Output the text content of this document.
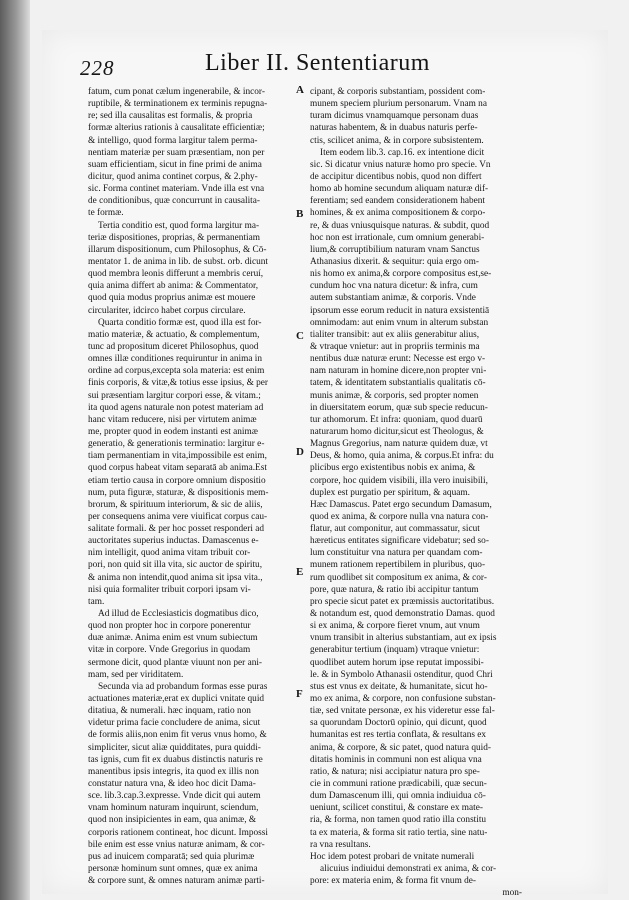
228	Liber II. Sententiarum
fatum, cum ponat cælum ingenerabile, & incor-
ruptibile, & terminationem ex terminis repugna-
re; sed illa causalitas est formalis, & propria
formæ alterius rationis à causalitate efficientiæ;
& intelligo, quod forma largitur talem perma-
nentiam materiæ per suam præsentiam, non per
suam efficientiam, sicut in fine primi de anima
dicitur, quod anima continet corpus, & 2.phy-
sic. Forma continet materiam. Vnde illa est vna
de conditionibus, quæ concurrunt in causalita-
te formæ.
Tertia conditio est, quod forma largitur ma-
teriæ dispositiones, proprias, & permanentiam
illarum dispositionum, cum Philosophus, & Cō-
mentator 1. de anima in lib. de subst. orb. dicunt
quod membra leonis differunt a membris ceruí,
quia anima differt ab anima: & Commentator,
quod quia modus proprius animæ est mouere
circulariter, idcirco habet corpus circulare.
Quarta conditio formæ est, quod illa est for-
matio materiæ, & actuatio, & complementum,
tunc ad propositum diceret Philosophus, quod
omnes illæ conditiones requiruntur in anima in
ordine ad corpus,excepta sola materia: est enim
finis corporis, & vitæ,& totius esse ipsius, & per
sui præsentiam largitur corpori esse, & vitam.;
ita quod agens naturale non potest materiam ad
hanc vitam reducere, nisi per virtutem animæ
me, propter quod in eodem instanti est animæ
generatio, & generationis terminatio: largitur e-
tiam permanentiam in vita,impossibile est enim,
quod corpus habeat vitam separatā ab anima.Est
etiam tertio causa in corpore omnium dispositio
num, puta figuræ, staturæ, & dispositionis mem-
brorum, & spirituum interiorum, & sic de aliis,
per consequens anima vere viuificat corpus cau-
salitate formali. & per hoc posset responderi ad
auctoritates superius inductas. Damascenus e-
nim intelligit, quod anima vitam tribuit cor-
pori, non quid sit illa vita, sic auctor de spiritu,
& anima non intendit,quod anima sit ipsa vita.,
nisi quia formaliter tribuit corpori ipsam vi-
tam.
Ad illud de Ecclesiasticis dogmatibus dico,
quod non propter hoc in corpore ponerentur
duæ animæ. Anima enim est vnum subiectum
vitæ in corpore. Vnde Gregorius in quodam
sermone dicit, quod plantæ viuunt non per ani-
mam, sed per viriditatem.
Secunda via ad probandum formas esse puras
actuationes materiæ,erat ex duplici vnitate quid
ditatiua, & numerali. hæc inquam, ratio non
videtur prima facie concludere de anima, sicut
de formis aliis,non enim fit verus vnus homo, &
simpliciter, sicut aliæ quidditates, pura quiddi-
tas ignis, cum fit ex duabus distinctis naturis re
manentibus ipsis integris, ita quod ex illis non
constatur natura vna, & ideo hoc dicit Dama-
sce. lib.3.cap.3.expresse. Vnde dicit qui autem
vnam hominum naturam inquirunt, sciendum,
quod non insipicientes in eam, qua animæ, &
corporis rationem contineat, hoc dicunt. Impossi
bile enim est esse vnius naturæ animam, & cor-
pus ad inuicem comparatā; sed quia plurimæ
personæ hominum sunt omnes, quæ ex anima
& corpore sunt, & omnes naturam animæ parti-
cipant, & corporis substantiam, possident com-
munem speciem plurium personarum. Vnam na
turam dicimus vnamquamque personam duas
naturas habentem, & in duabus naturis perfe-
ctis, scilicet anima, & in corpore subsistentem.
Item eodem lib.3. cap.16. ex intentione dicit
sic. Si dicatur vnius naturæ homo pro specie. Vn
de accipitur dicentibus nobis, quod non differt
homo ab homine secundum aliquam naturæ dif-
ferentiam; sed eandem considerationem habent
homines, & ex anima compositionem & corpo-
re, & duas vniusquisque naturas. & subdit, quod
hoc non est irrationale, cum omnium generabi-
lium,& corruptibilium naturam vnam Sanctus
Athanasius dixerit. & sequitur: quia ergo om-
nis homo ex anima,& corpore compositus est,se-
cundum hoc vna natura dicetur: & infra, cum
autem substantiam animæ, & corporis. Vnde
ipsorum esse eorum reducit in natura exsistentiā
omnimodam: aut enim vnum in alterum substan
tialiter transibit: aut ex aliis generabitur alius,
& vtraque vnietur: aut in propriis terminis ma
nentibus duæ naturæ erunt: Necesse est ergo v-
nam naturam in homine dicere,non propter vni-
tatem, & identitatem substantialis qualitatis cō-
munis animæ, & corporis, sed propter nomen
in diuersitatem eorum, quæ sub specie reducun-
tur athomorum. Et infra: quoniam, quod duarū
naturarum homo dicitur,sicut est Theologus, &
Magnus Gregorius, nam naturæ quidem duæ, vt
Deus, & homo, quia anima, & corpus.Et infra: du
plicibus ergo existentibus nobis ex anima, &
corpore, hoc quidem visibili, illa vero inuisibili,
duplex est purgatio per spiritum, & aquam.
Hæc Damascus. Patet ergo secundum Damasum,
quod ex anima, & corpore nulla vna natura con-
flatur, aut componitur, aut commassatur, sicut
hæreticus entitates significare videbatur; sed so-
lum constituitur vna natura per quandam com-
munem rationem repertibilem in pluribus, quo-
rum quodlibet sit compositum ex anima, & cor-
pore, quæ natura, & ratio ibi accipitur tantum
pro specie sicut patet ex præmissis auctoritatibus.
& notandum est, quod demonstratio Damas. quod
si ex anima, & corpore fieret vnum, aut vnum
vnum transibit in alterius substantiam, aut ex ipsis
generabitur tertium (inquam) vtraque vnietur:
quodlibet autem horum ipse reputat impossibi-
le. & in Symbolo Athanasii ostenditur, quod Chri
stus est vnus ex deitate, & humanitate, sicut ho-
mo ex anima, & corpore, non confusione substan-
tiæ, sed vnitate personæ, ex his videretur esse fal-
sa quorundam Doctorū opinio, qui dicunt, quod
humanitas est res tertia conflata, & resultans ex
anima, & corpore, & sic patet, quod natura quid-
ditatis hominis in communi non est aliqua vna
ratio, & natura; nisi accipiatur natura pro spe-
cie in communi ratione prædicabili, quæ secun-
dum Damascenum illi, qui omnia indiuidua cō-
ueniunt, scilicet constitui, & constare ex mate-
ria, & forma, non tamen quod ratio illa constitu
ta ex materia, & forma sit ratio tertia, sine natu-
ra vna resultans.
Hoc idem potest probari de vnitate numerali
alicuius indiuidui demonstrati ex anima, & cor-
pore: ex materia enim, & forma fit vnum de-
mon-
A
B
C
D
E
F
